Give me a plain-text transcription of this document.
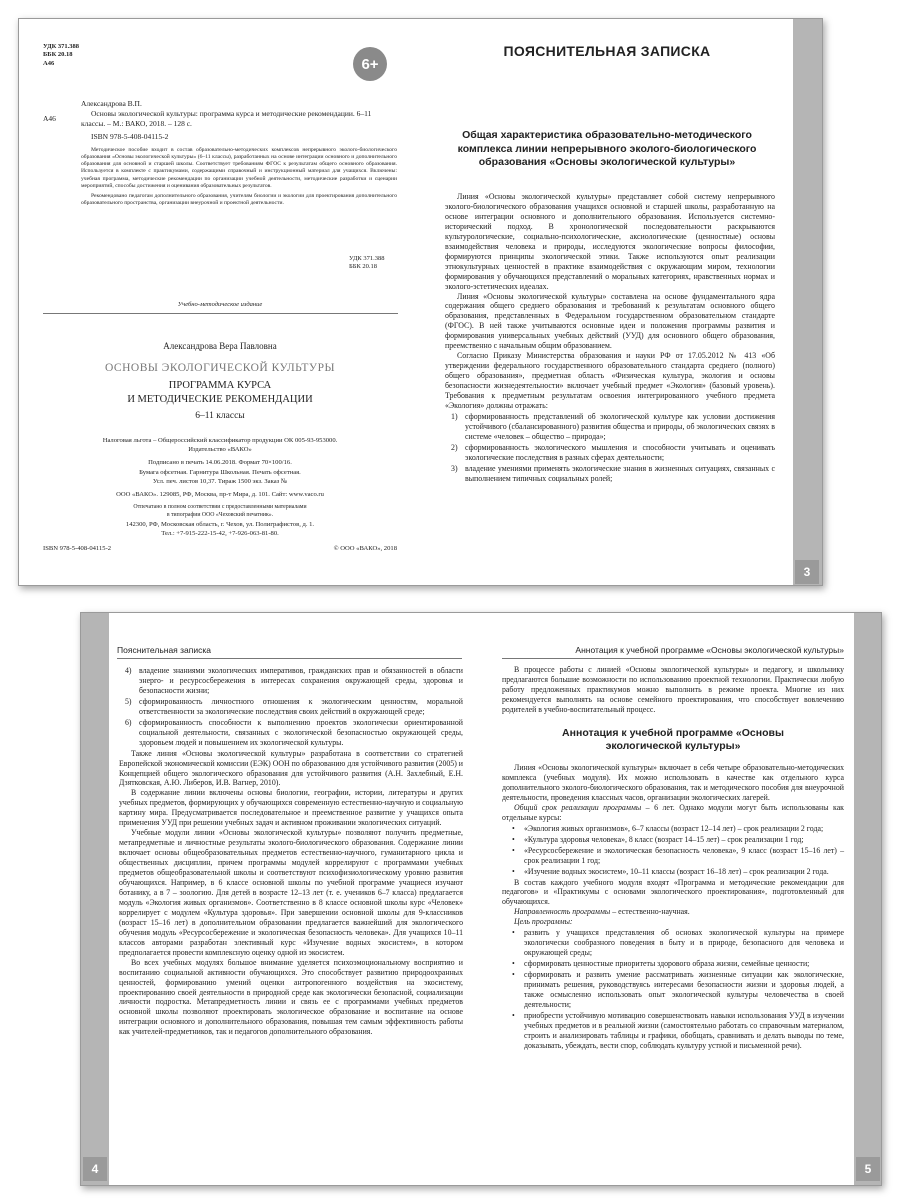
УДК 371.388
ББК 20.18
А46	6+
А46
Александрова В.П.
Основы экологической культуры: программа курса и методические рекомендации. 6–11 классы. – М.: ВАКО, 2018. – 128 с.
ISBN 978-5-408-04115-2

Методическое пособие входит в состав образовательно-методических комплексов непрерывного эколого-биологического образования «Основы экологической культуры» (6–11 классы), разработанных на основе интеграции основного и дополнительного образования для основной и старшей школы. Соответствует требованиям ФГОС к результатам общего основного образования. Используется в комплекте с практикумами, содержащими справочный и инструкционный материал для учащихся. Включены: учебная программа, методические рекомендации по организации учебной деятельности, методические разработки и сценарии мероприятий, способы достижения и оценивания образовательных результатов.

Рекомендовано педагогам дополнительного образования, учителям биологии и экологии для проектирования дополнительного образовательного пространства, организации внеурочной и проектной деятельности.

УДК 371.388
ББК 20.18
Учебно-методическое издание
Александрова Вера Павловна
ОСНОВЫ ЭКОЛОГИЧЕСКОЙ КУЛЬТУРЫ
ПРОГРАММА КУРСА
И МЕТОДИЧЕСКИЕ РЕКОМЕНДАЦИИ
6–11 классы
Налоговая льгота – Общероссийский классификатор продукции ОК 005-93-953000.
Издательство «ВАКО»
Подписано в печать 14.06.2018. Формат 70×100/16.
Бумага офсетная. Гарнитура Школьная. Печать офсетная.
Усл. печ. листов 10,37. Тираж 1500 экз. Заказ №
ООО «ВАКО». 129085, РФ, Москва, пр-т Мира, д. 101. Сайт: www.vaco.ru
Отпечатано в полном соответствии с предоставленными материалами
в типографии ООО «Чеховский печатник».
142300, РФ, Московская область, г. Чехов, ул. Полиграфистов, д. 1.
Тел.: +7-915-222-15-42, +7-926-063-81-80.
ISBN 978-5-408-04115-2	© ООО «ВАКО», 2018
ПОЯСНИТЕЛЬНАЯ ЗАПИСКА
Общая характеристика образовательно-методического комплекса линии непрерывного эколого-биологического образования «Основы экологической культуры»

Линия «Основы экологической культуры» представляет собой систему непрерывного эколого-биологического образования учащихся основной и старшей школы, разработанную на основе интеграции основного и дополнительного образования. Используется системно-исторический подход. В хронологической последовательности раскрываются культурологические, социально-психологические, аксиологические (ценностные) основы взаимодействия человека и природы, исследуются экологические вопросы философии, формируются принципы экологической этики. Также используются опыт реализации этнокультурных ценностей в практике взаимодействия с окружающим миром, технологии формирования у обучающихся представлений о моральных категориях, нравственных нормах и эколого-эстетических идеалах.

Линия «Основы экологической культуры» составлена на основе фундаментального ядра содержания общего среднего образования и требований к результатам основного общего образования, представленных в Федеральном государственном образовательном стандарте (ФГОС). В ней также учитываются основные идеи и положения программы развития и формирования универсальных учебных действий (УУД) для основного общего образования, преемственно с начальным общим образованием.

Согласно Приказу Министерства образования и науки РФ от 17.05.2012 № 413 «Об утверждении федерального государственного образовательного стандарта среднего (полного) общего образования», предметная область «Физическая культура, экология и основы безопасности жизнедеятельности» включает учебный предмет «Экология» (базовый уровень). Требования к предметным результатам освоения интегрированного учебного предмета «Экология» должны отражать:

1) сформированность представлений об экологической культуре как условии достижения устойчивого (сбалансированного) развития общества и природы, об экологических связях в системе «человек – общество – природа»;
2) сформированность экологического мышления и способности учитывать и оценивать экологические последствия в разных сферах деятельности;
3) владение умениями применять экологические знания в жизненных ситуациях, связанных с выполнением типичных социальных ролей;
3
Пояснительная записка
4) владение знаниями экологических императивов, гражданских прав и обязанностей в области энерго- и ресурсосбережения в интересах сохранения окружающей среды, здоровья и безопасности жизни;
5) сформированность личностного отношения к экологическим ценностям, моральной ответственности за экологические последствия своих действий в окружающей среде;
6) сформированность способности к выполнению проектов экологически ориентированной социальной деятельности, связанных с экологической безопасностью окружающей среды, здоровьем людей и повышением их экологической культуры.

Также линия «Основы экологической культуры» разработана в соответствии со стратегией Европейской экономической комиссии (ЕЭК) ООН по образованию для устойчивого развития (2005) и Концепцией общего экологического образования для устойчивого развития (А.Н. Захлебный, Е.Н. Дзятковская, А.Ю. Либеров, И.В. Вагнер, 2010).

В содержание линии включены основы биологии, географии, истории, литературы и других учебных предметов, формирующих у обучающихся современную естественно-научную и социальную картину мира. Предусматривается последовательное и преемственное развитие у учащихся опыта применения УУД при решении учебных задач и активном проживании экологических ситуаций.

Учебные модули линии «Основы экологической культуры» позволяют получить предметные, метапредметные и личностные результаты эколого-биологического образования. Содержание линии включает основы общеобразовательных предметов естественно-научного, гуманитарного цикла и общественных дисциплин, причем программы модулей коррелируют с программами учебных предметов общеобразовательной школы и соответствуют психофизиологическому уровню развития обучающихся. Например, в 6 классе основной школы по учебной программе учащиеся изучают ботанику, а в 7 – зоологию. Для детей в возрасте 12–13 лет (т. е. учеников 6–7 класса) предлагается модуль «Экология живых организмов». Соответственно в 8 классе основной школы курс «Человек» коррелирует с модулем «Культура здоровья». При завершении основной школы для 9-классников (возраст 15–16 лет) в дополнительном образовании предлагается важнейший для экологического обучения модуль «Ресурсосбережение и экологическая безопасность человека». Для учащихся 10–11 классов авторами разработан элективный курс «Изучение водных экосистем», в котором предполагается провести комплексную оценку одной из экосистем.

Во всех учебных модулях большое внимание уделяется психоэмоциональному восприятию и воспитанию социальной активности обучающихся. Это способствует развитию природоохранных ценностей, формированию умений оценки антропогенного воздействия на экосистему, проектированию своей деятельности в природной среде как экологически безопасной, социализации личности подростка. Метапредметность линии и связь ее с программами учебных предметов основной школы позволяют проектировать экологическое образование и воспитание на основе интеграции основного и дополнительного образования, повышая тем самым эффективность работы как учителей-предметников, так и педагогов дополнительного образования.

4
Аннотация к учебной программе «Основы экологической культуры»

В процессе работы с линией «Основы экологической культуры» и педагогу, и школьнику предлагаются большие возможности по использованию проектной технологии. Практически любую работу предложенных практикумов можно выполнить в режиме проекта. Многие из них рекомендуется выполнять на основе семейного проектирования, что способствует вовлечению родителей в учебно-воспитательный процесс.

Аннотация к учебной программе «Основы экологической культуры»

Линия «Основы экологической культуры» включает в себя четыре образовательно-методических комплекса (учебных модуля). Их можно использовать в качестве как отдельного курса дополнительного эколого-биологического образования, так и методического пособия для внеурочной деятельности, проведения классных часов, организации экологических лагерей.

Общий срок реализации программы – 6 лет. Однако модули могут быть использованы как отдельные курсы:

• «Экология живых организмов», 6–7 классы (возраст 12–14 лет) – срок реализации 2 года;
• «Культура здоровья человека», 8 класс (возраст 14–15 лет) – срок реализации 1 год;
• «Ресурсосбережение и экологическая безопасность человека», 9 класс (возраст 15–16 лет) – срок реализации 1 год;
• «Изучение водных экосистем», 10–11 классы (возраст 16–18 лет) – срок реализации 2 года.

В состав каждого учебного модуля входят «Программа и методические рекомендации для педагогов» и «Практикумы с основами экологического проектирования», подготовленный для обучающихся.

Направленность программы – естественно-научная.

Цель программы:

• развить у учащихся представления об основах экологической культуры на примере экологически сообразного поведения в быту и в природе, безопасного для человека и окружающей среды;
• сформировать ценностные приоритеты здорового образа жизни, семейные ценности;
• сформировать и развить умение рассматривать жизненные ситуации как экологические, принимать решения, руководствуясь интересами безопасности жизни и здоровья людей, а также осмысленно использовать опыт экологической культуры человечества в своей деятельности;
• приобрести устойчивую мотивацию совершенствовать навыки использования УУД в изучении учебных предметов и в реальной жизни (самостоятельно работать со справочным материалом, строить и анализировать таблицы и графики, обобщать, сравнивать и делать выводы по теме, доказывать, убеждать, вести спор, соблюдать культуру устной и письменной речи).
5
